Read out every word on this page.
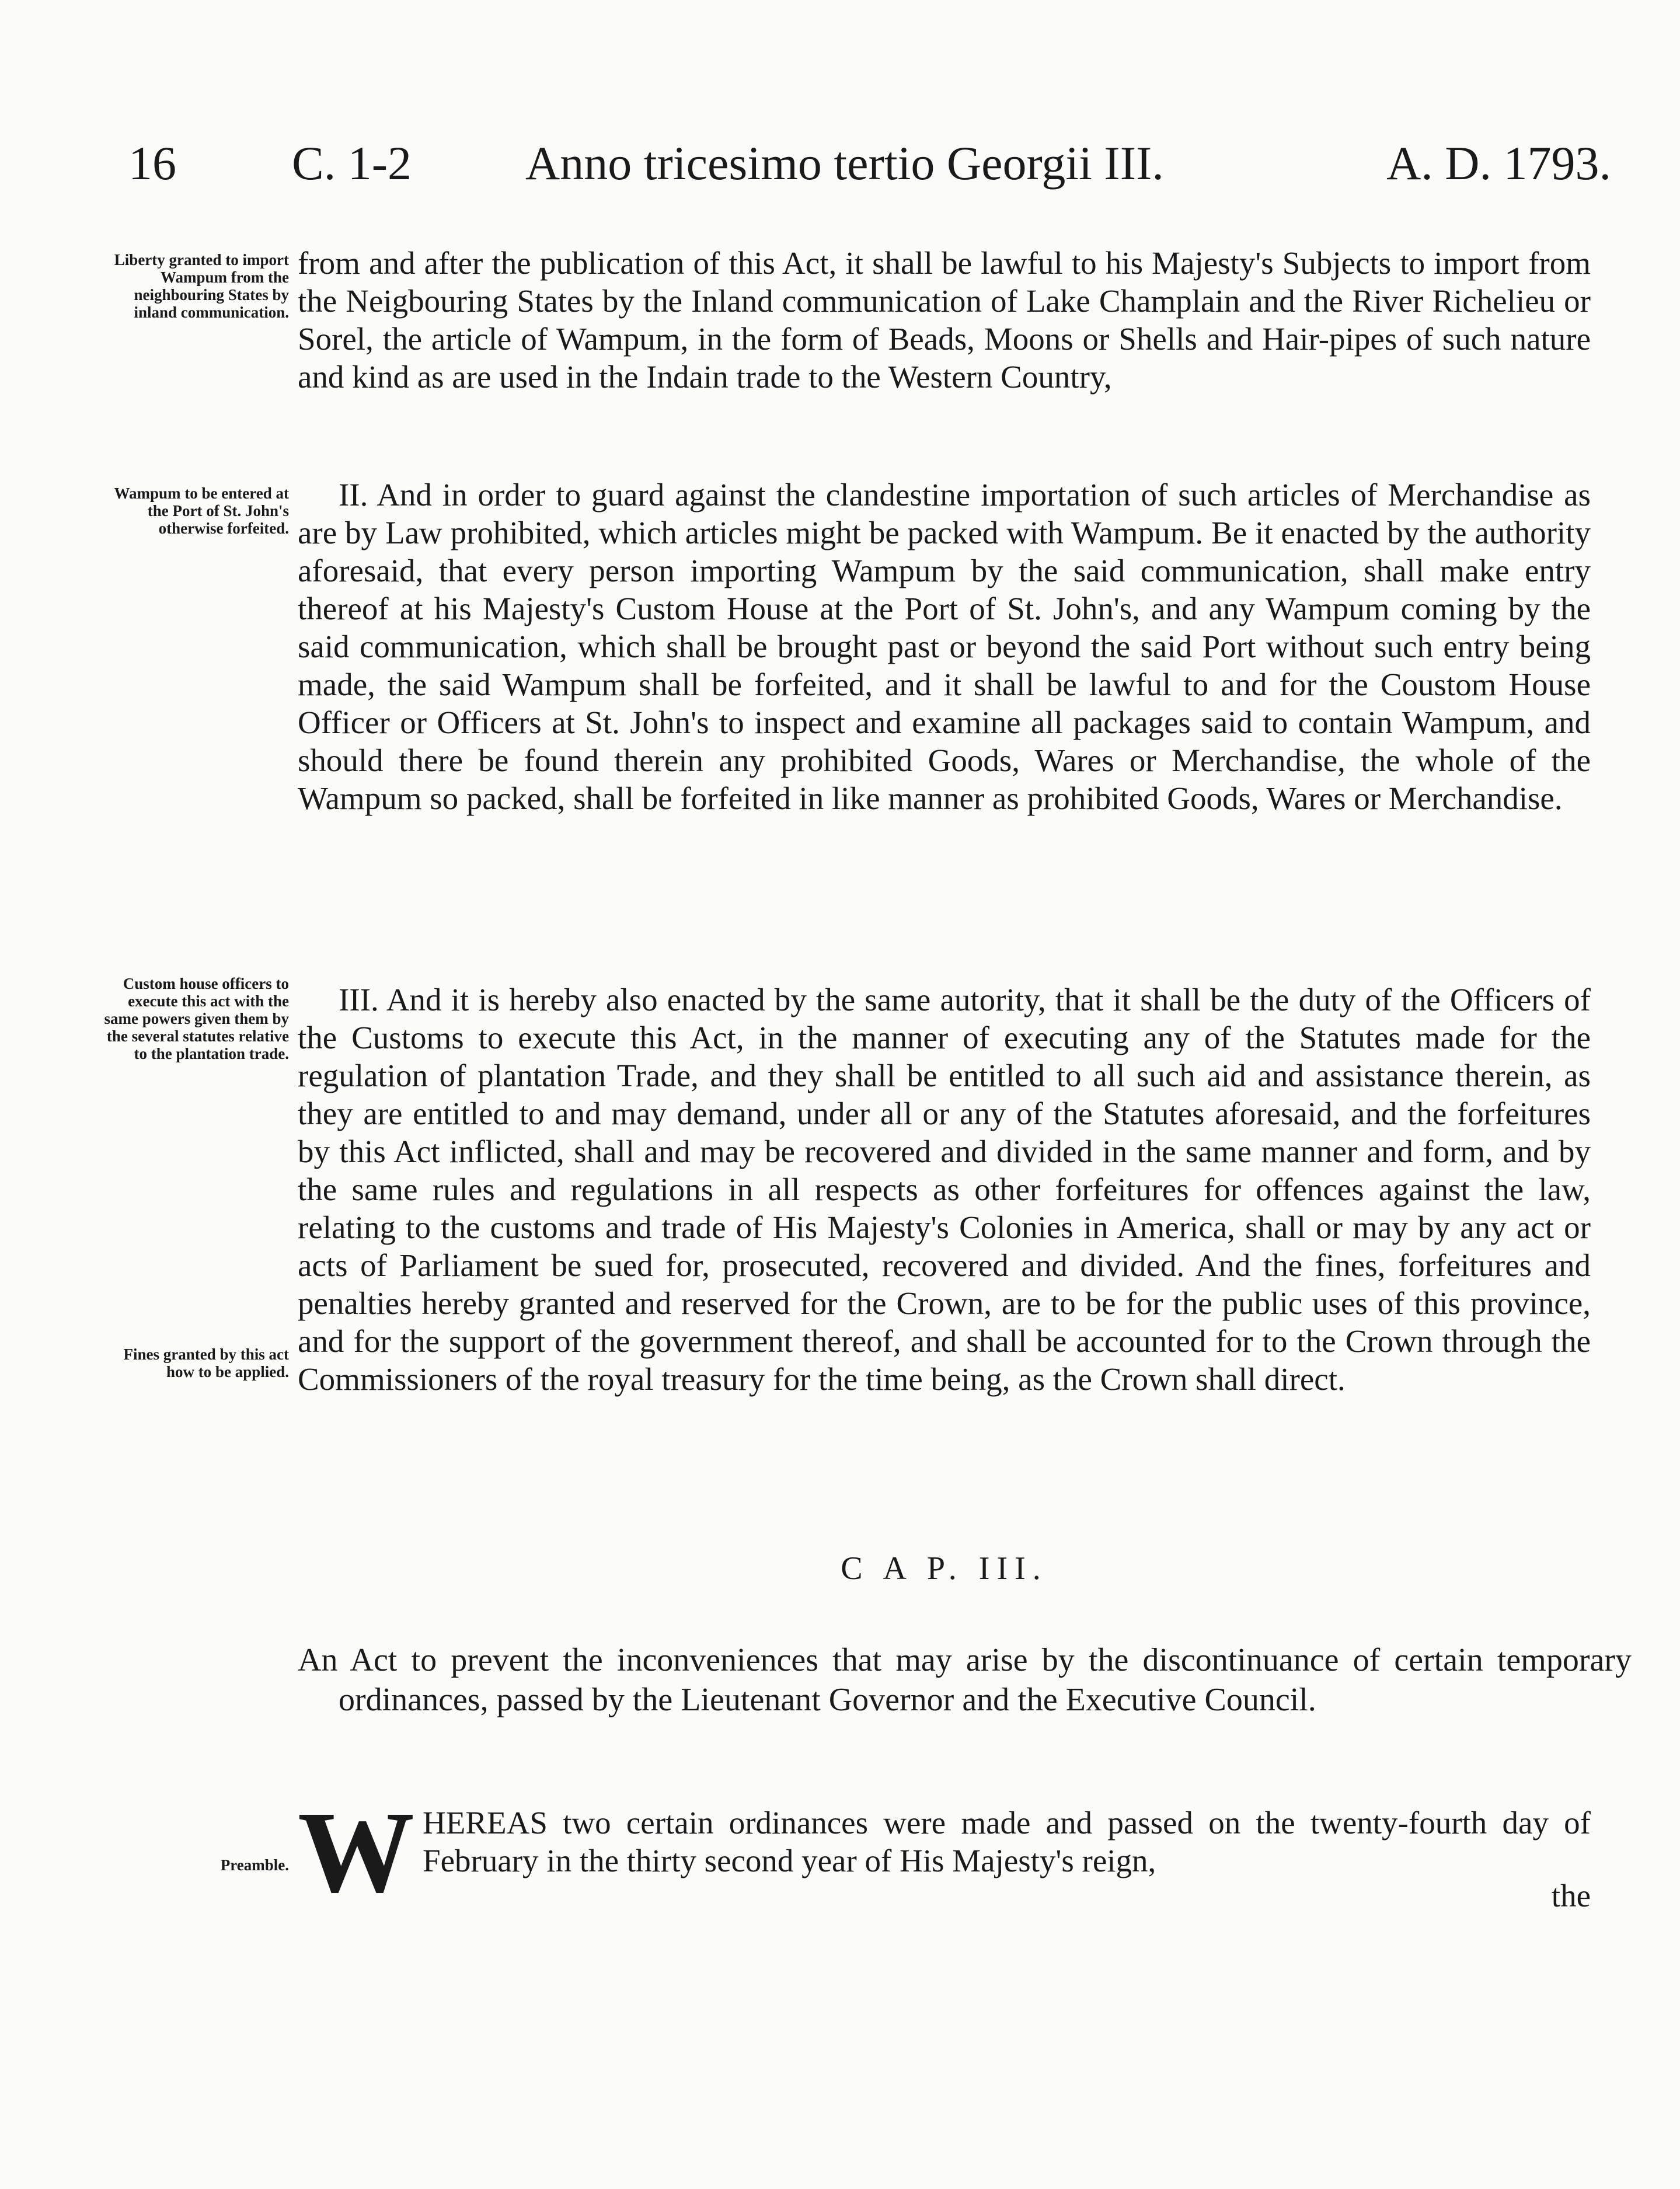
16 C. 1-2 Anno tricesimo tertio Georgii III.	A. D. 1793.
Liberty granted to import Wampum from the neighbouring States by inland communication.

from and after the publication of this Act, it shall be lawful to his Majesty's Subjects to import from the Neigbouring States by the Inland communication of Lake Champlain and the River Richelieu or Sorel, the article of Wampum, in the form of Beads, Moons or Shells and Hair-pipes of such nature and kind as are used in the Indain trade to the Western Country,

Wampum to be entered at the Port of St. John's otherwise forfeited.

II. And in order to guard against the clandestine importation of such articles of Merchandise as are by Law prohibited, which articles might be packed with Wampum. Be it enacted by the authority aforesaid, that every person importing Wampum by the said communication, shall make entry thereof at his Majesty's Custom House at the Port of St. John's, and any Wampum coming by the said communication, which shall be brought past or beyond the said Port without such entry being made, the said Wampum shall be forfeited, and it shall be lawful to and for the Coustom House Officer or Officers at St. John's to inspect and examine all packages said to contain Wampum, and should there be found therein any prohibited Goods, Wares or Merchandise, the whole of the Wampum so packed, shall be forfeited in like manner as prohibited Goods, Wares or Merchandise.

Custom house officers to execute this act with the same powers given them by the several statutes relative to the plantation trade.

III. And it is hereby also enacted by the same autority, that it shall be the duty of the Officers of the Customs to execute this Act, in the manner of executing any of the Statutes made for the regulation of plantation Trade, and they shall be entitled to all such aid and assistance therein, as they are entitled to and may demand, under all or any of the Statutes aforesaid, and the forfeitures by this Act inflicted, shall and may be recovered and divided in the same manner and form, and by the same rules and regulations in all respects as other forfeitures for offences against the law, relating to the customs and trade of His Majesty's Colonies in America, shall or may by any act or acts of Parliament be sued for, prosecuted, recovered and divided. And the fines, forfeitures and penalties hereby granted and reserved for the Crown, are to be for the public uses of this province, and for the support of the government thereof, and shall be accounted for to the Crown through the Commissioners of the royal treasury for the time being, as the Crown shall direct.

Fines granted by this act how to be applied.
C A P. III.

An Act to prevent the inconveniences that may arise by the discontinuance of certain temporary ordinances, passed by the Lieutenant Governor and the Executive Council.

Preamble. W HEREAS two certain ordinances were made and passed on the twenty-fourth day of February in the thirty second year of His Majesty's reign,

the
